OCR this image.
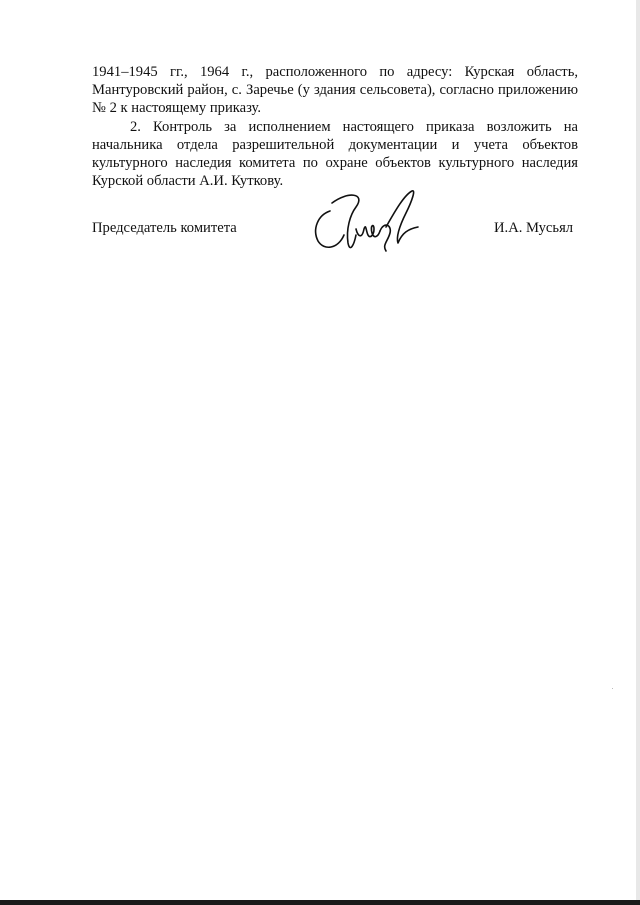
1941–1945 гг., 1964 г., расположенного по адресу: Курская область, Мантуровский район, с. Заречье (у здания сельсовета), согласно приложению № 2 к настоящему приказу.

2. Контроль за исполнением настоящего приказа возложить на начальника отдела разрешительной документации и учета объектов культурного наследия комитета по охране объектов культурного наследия Курской области А.И. Куткову.

Председатель комитета	И.А. Мусьял
